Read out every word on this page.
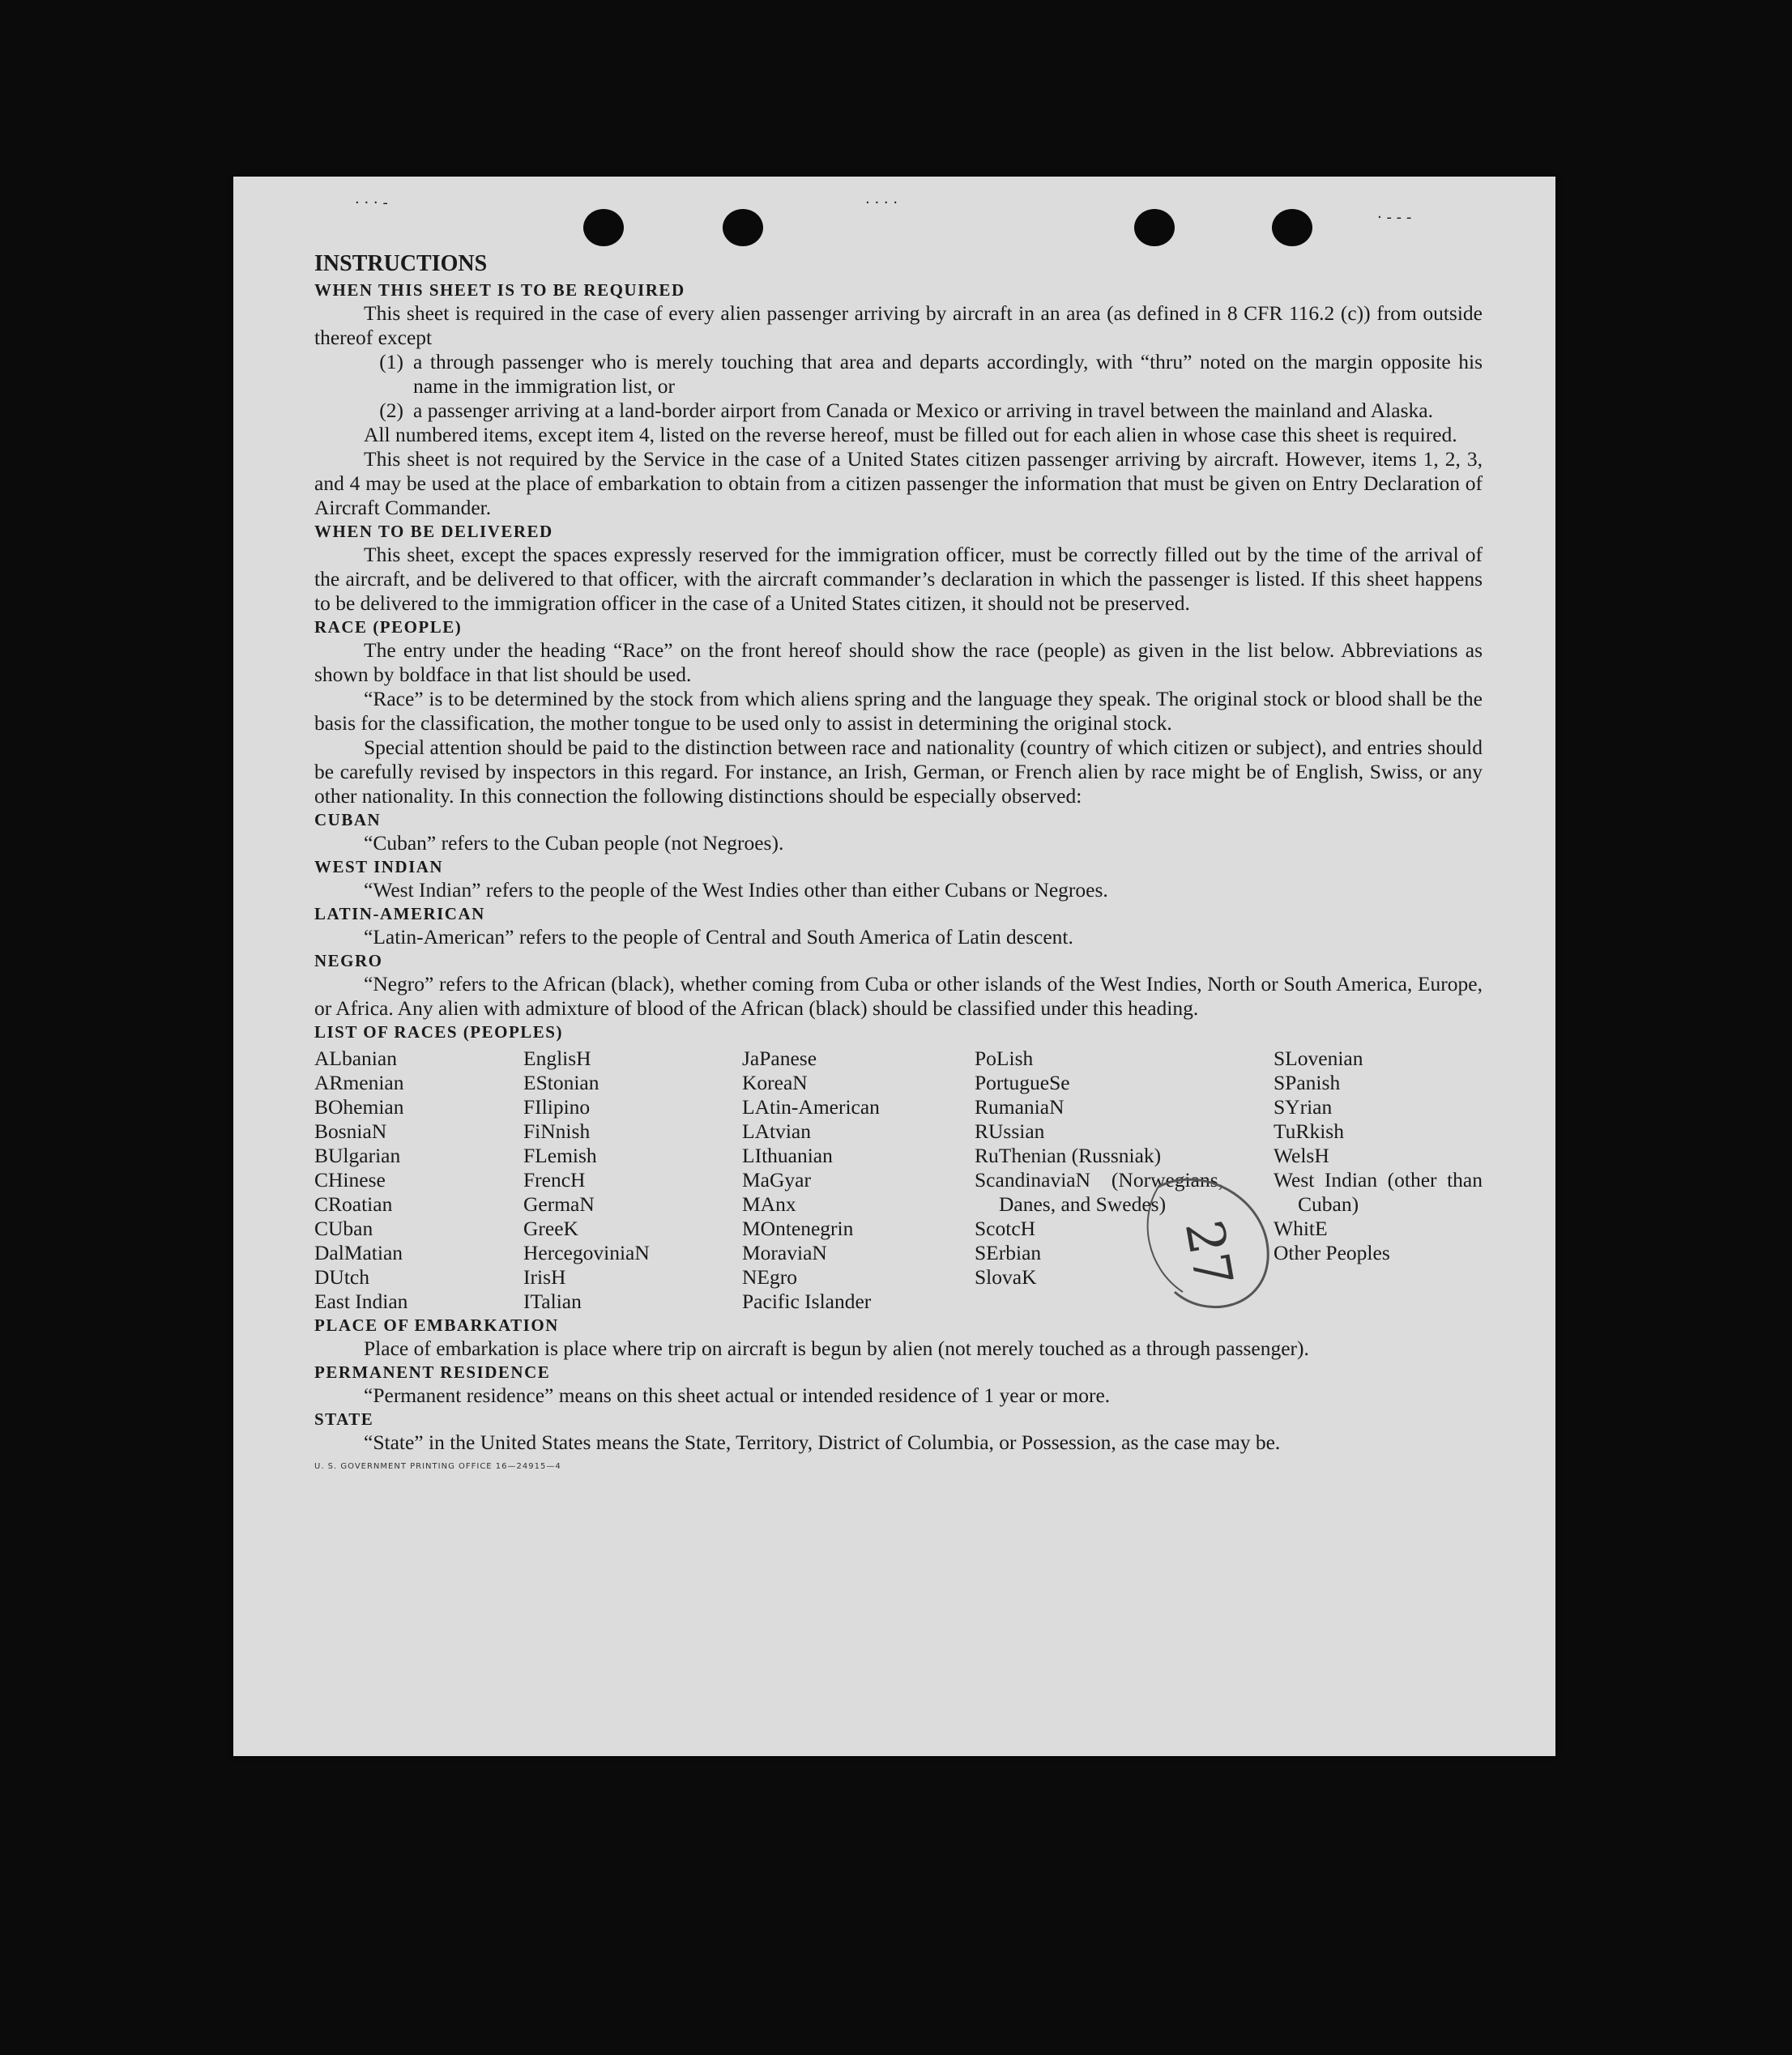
· · · -	· · · ·
· - - -

INSTRUCTIONS

WHEN THIS SHEET IS TO BE REQUIRED

This sheet is required in the case of every alien passenger arriving by aircraft in an area (as defined in 8 CFR 116.2 (c)) from outside thereof except

(1) a through passenger who is merely touching that area and departs accordingly, with “thru” noted on the margin opposite his name in the immigration list, or
(2) a passenger arriving at a land-border airport from Canada or Mexico or arriving in travel between the mainland and Alaska.

All numbered items, except item 4, listed on the reverse hereof, must be filled out for each alien in whose case this sheet is required.

This sheet is not required by the Service in the case of a United States citizen passenger arriving by aircraft. However, items 1, 2, 3, and 4 may be used at the place of embarkation to obtain from a citizen passenger the information that must be given on Entry Declaration of Aircraft Commander.

WHEN TO BE DELIVERED

This sheet, except the spaces expressly reserved for the immigration officer, must be correctly filled out by the time of the arrival of the aircraft, and be delivered to that officer, with the aircraft commander’s declaration in which the passenger is listed. If this sheet happens to be delivered to the immigration officer in the case of a United States citizen, it should not be preserved.

RACE (PEOPLE)

The entry under the heading “Race” on the front hereof should show the race (people) as given in the list below. Abbreviations as shown by boldface in that list should be used.

“Race” is to be determined by the stock from which aliens spring and the language they speak. The original stock or blood shall be the basis for the classification, the mother tongue to be used only to assist in determining the original stock.

Special attention should be paid to the distinction between race and nationality (country of which citizen or subject), and entries should be carefully revised by inspectors in this regard. For instance, an Irish, German, or French alien by race might be of English, Swiss, or any other nationality. In this connection the following distinctions should be especially observed:

CUBAN

“Cuban” refers to the Cuban people (not Negroes).

WEST INDIAN

“West Indian” refers to the people of the West Indies other than either Cubans or Negroes.

LATIN-AMERICAN

“Latin-American” refers to the people of Central and South America of Latin descent.

NEGRO

“Negro” refers to the African (black), whether coming from Cuba or other islands of the West Indies, North or South America, Europe, or Africa. Any alien with admixture of blood of the African (black) should be classified under this heading.

LIST OF RACES (PEOPLES)

ALbanian
ARmenian
BOhemian
BosniaN
BUlgarian
CHinese
CRoatian
CUban
DalMatian
DUtch
East Indian
EnglisH
EStonian
FIlipino
FiNnish
FLemish
FrencH
GermaN
GreeK
HercegoviniaN
IrisH
ITalian
JaPanese
KoreaN
LAtin-American
LAtvian
LIthuanian
MaGyar
MAnx
MOntenegrin
MoraviaN
NEgro
Pacific Islander
PoLish
PortugueSe
RumaniaN
RUssian
RuThenian (Russniak)
ScandinaviaN (Norwegians, Danes, and Swedes)
ScotcH
SErbian
SlovaK
SLovenian
SPanish
SYrian
TuRkish
WelsH
West Indian (other than Cuban)
WhitE
Other Peoples

PLACE OF EMBARKATION

Place of embarkation is place where trip on aircraft is begun by alien (not merely touched as a through passenger).

PERMANENT RESIDENCE

“Permanent residence” means on this sheet actual or intended residence of 1 year or more.

STATE

“State” in the United States means the State, Territory, District of Columbia, or Possession, as the case may be.

U. S. GOVERNMENT PRINTING OFFICE 16—24915—4

27
